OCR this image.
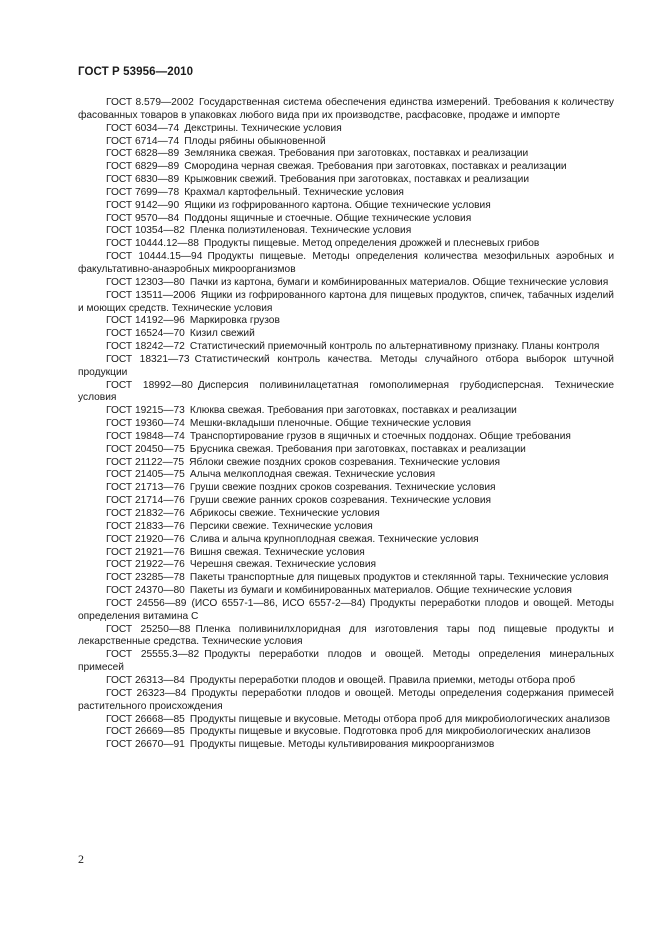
ГОСТ Р 53956—2010

ГОСТ 8.579—2002  Государственная система обеспечения единства измерений. Требования к количеству фасованных товаров в упаковках любого вида при их производстве, расфасовке, продаже и импорте

ГОСТ 6034—74  Декстрины. Технические условия

ГОСТ 6714—74  Плоды рябины обыкновенной

ГОСТ 6828—89  Земляника свежая. Требования при заготовках, поставках и реализации

ГОСТ 6829—89  Смородина черная свежая. Требования при заготовках, поставках и реализации

ГОСТ 6830—89  Крыжовник свежий. Требования при заготовках, поставках и реализации

ГОСТ 7699—78  Крахмал картофельный. Технические условия

ГОСТ 9142—90  Ящики из гофрированного картона. Общие технические условия

ГОСТ 9570—84  Поддоны ящичные и стоечные. Общие технические условия

ГОСТ 10354—82  Пленка полиэтиленовая. Технические условия

ГОСТ 10444.12—88  Продукты пищевые. Метод определения дрожжей и плесневых грибов

ГОСТ 10444.15—94  Продукты пищевые. Методы определения количества мезофильных аэробных и факультативно-анаэробных микроорганизмов

ГОСТ 12303—80  Пачки из картона, бумаги и комбинированных материалов. Общие технические условия

ГОСТ 13511—2006  Ящики из гофрированного картона для пищевых продуктов, спичек, табачных изделий и моющих средств. Технические условия

ГОСТ 14192—96  Маркировка грузов

ГОСТ 16524—70  Кизил свежий

ГОСТ 18242—72  Статистический приемочный контроль по альтернативному признаку. Планы контроля

ГОСТ 18321—73  Статистический контроль качества. Методы случайного отбора выборок штучной продукции

ГОСТ 18992—80  Дисперсия поливинилацетатная гомополимерная грубодисперсная. Технические условия

ГОСТ 19215—73  Клюква свежая. Требования при заготовках, поставках и реализации

ГОСТ 19360—74  Мешки-вкладыши пленочные. Общие технические условия

ГОСТ 19848—74  Транспортирование грузов в ящичных и стоечных поддонах. Общие требования

ГОСТ 20450—75  Брусника свежая. Требования при заготовках, поставках и реализации

ГОСТ 21122—75  Яблоки свежие поздних сроков созревания. Технические условия

ГОСТ 21405—75  Алыча мелкоплодная свежая. Технические условия

ГОСТ 21713—76  Груши свежие поздних сроков созревания. Технические условия

ГОСТ 21714—76  Груши свежие ранних сроков созревания. Технические условия

ГОСТ 21832—76  Абрикосы свежие. Технические условия

ГОСТ 21833—76  Персики свежие. Технические условия

ГОСТ 21920—76  Слива и алыча крупноплодная свежая. Технические условия

ГОСТ 21921—76  Вишня свежая. Технические условия

ГОСТ 21922—76  Черешня свежая. Технические условия

ГОСТ 23285—78  Пакеты транспортные для пищевых продуктов и стеклянной тары. Технические условия

ГОСТ 24370—80  Пакеты из бумаги и комбинированных материалов. Общие технические условия

ГОСТ 24556—89  (ИСО 6557-1—86, ИСО 6557-2—84) Продукты переработки плодов и овощей. Методы определения витамина С

ГОСТ 25250—88  Пленка поливинилхлоридная для изготовления тары под пищевые продукты и лекарственные средства. Технические условия

ГОСТ 25555.3—82  Продукты переработки плодов и овощей. Методы определения минеральных примесей

ГОСТ 26313—84  Продукты переработки плодов и овощей. Правила приемки, методы отбора проб

ГОСТ 26323—84  Продукты переработки плодов и овощей. Методы определения содержания примесей растительного происхождения

ГОСТ 26668—85  Продукты пищевые и вкусовые. Методы отбора проб для микробиологических анализов

ГОСТ 26669—85  Продукты пищевые и вкусовые. Подготовка проб для микробиологических анализов

ГОСТ 26670—91  Продукты пищевые. Методы культивирования микроорганизмов

2
